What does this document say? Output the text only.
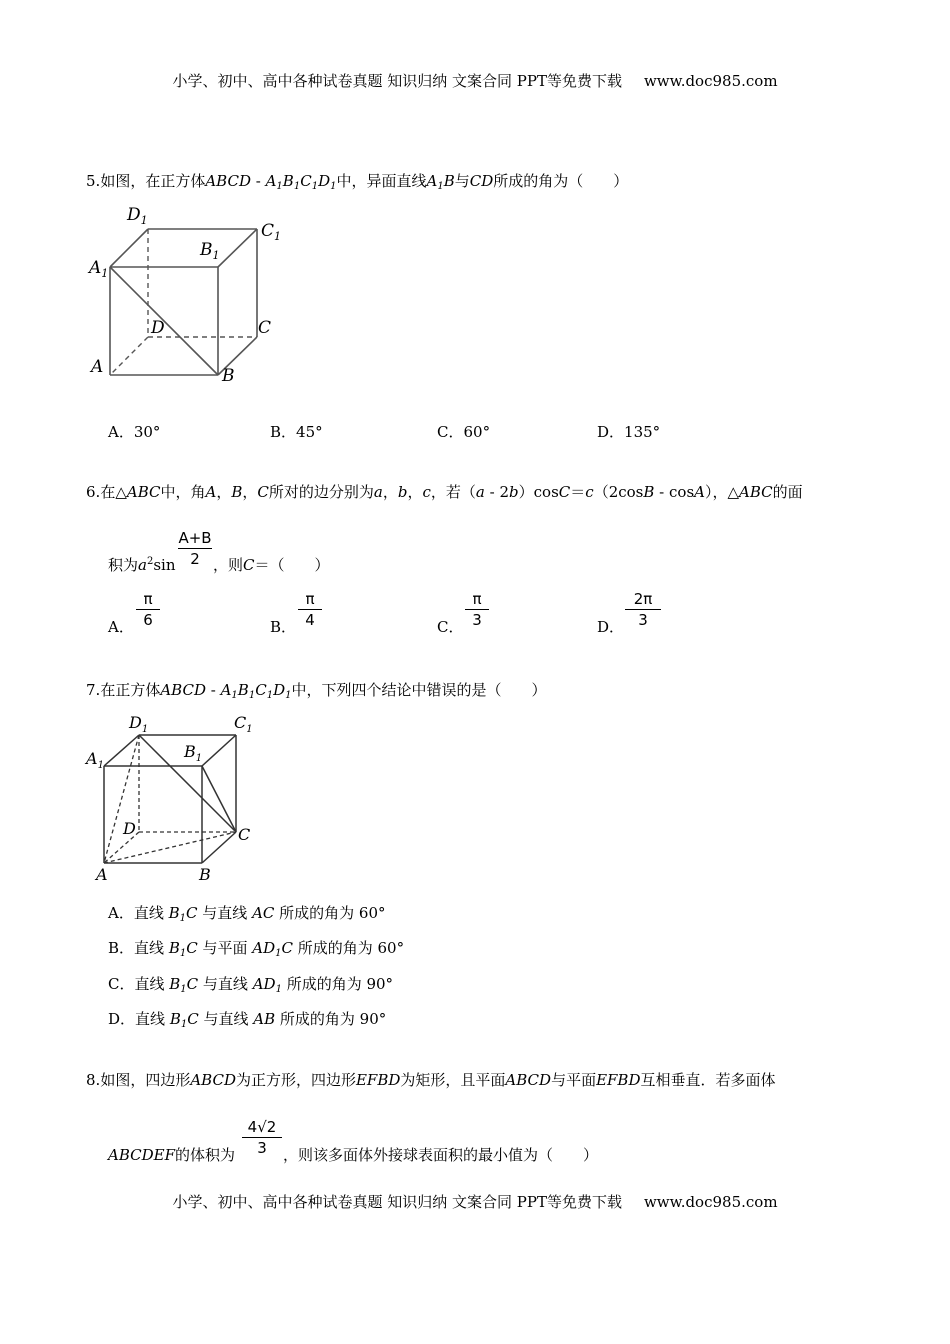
小学、初中、高中各种试卷真题 知识归纳 文案合同 PPT等免费下载 www.doc985.com
5.如图，在正方体ABCD - $A_1B_1C_1D_1$中，异面直线$A_1B$与CD所成的角为（　　）
$D_1$
$C_1$
$B_1$
$A_1$
D	C
A	B
A．30°	B．45°	C．60°	D．135°
6.在△ABC中，角A，B，C所对的边分别为a，b，c，若（a - 2b）cosC＝c（2cosB - cosA），△ABC的面
积为$a^2\sin$
A+B
2 ，则C＝（　　）
A．
π
6	B．
π
4	C．
π
3	D．
2π
3
7.在正方体ABCD - $A_1B_1C_1D_1$中，下列四个结论中错误的是（　　）
$D_1$	$C_1$
$A_1$
$B_1$
D	C
A	B
A．直线 $B_1C$ 与直线 AC 所成的角为 60°
B．直线 $B_1C$ 与平面 $AD_1C$ 所成的角为 60°
C．直线 $B_1C$ 与直线 $AD_1$ 所成的角为 90°
D．直线 $B_1C$ 与直线 AB 所成的角为 90°
8.如图，四边形ABCD为正方形，四边形EFBD为矩形，且平面ABCD与平面EFBD互相垂直．若多面体
ABCDEF的体积为
4√2
3	，则该多面体外接球表面积的最小值为（　　）
小学、初中、高中各种试卷真题 知识归纳 文案合同 PPT等免费下载 www.doc985.com
